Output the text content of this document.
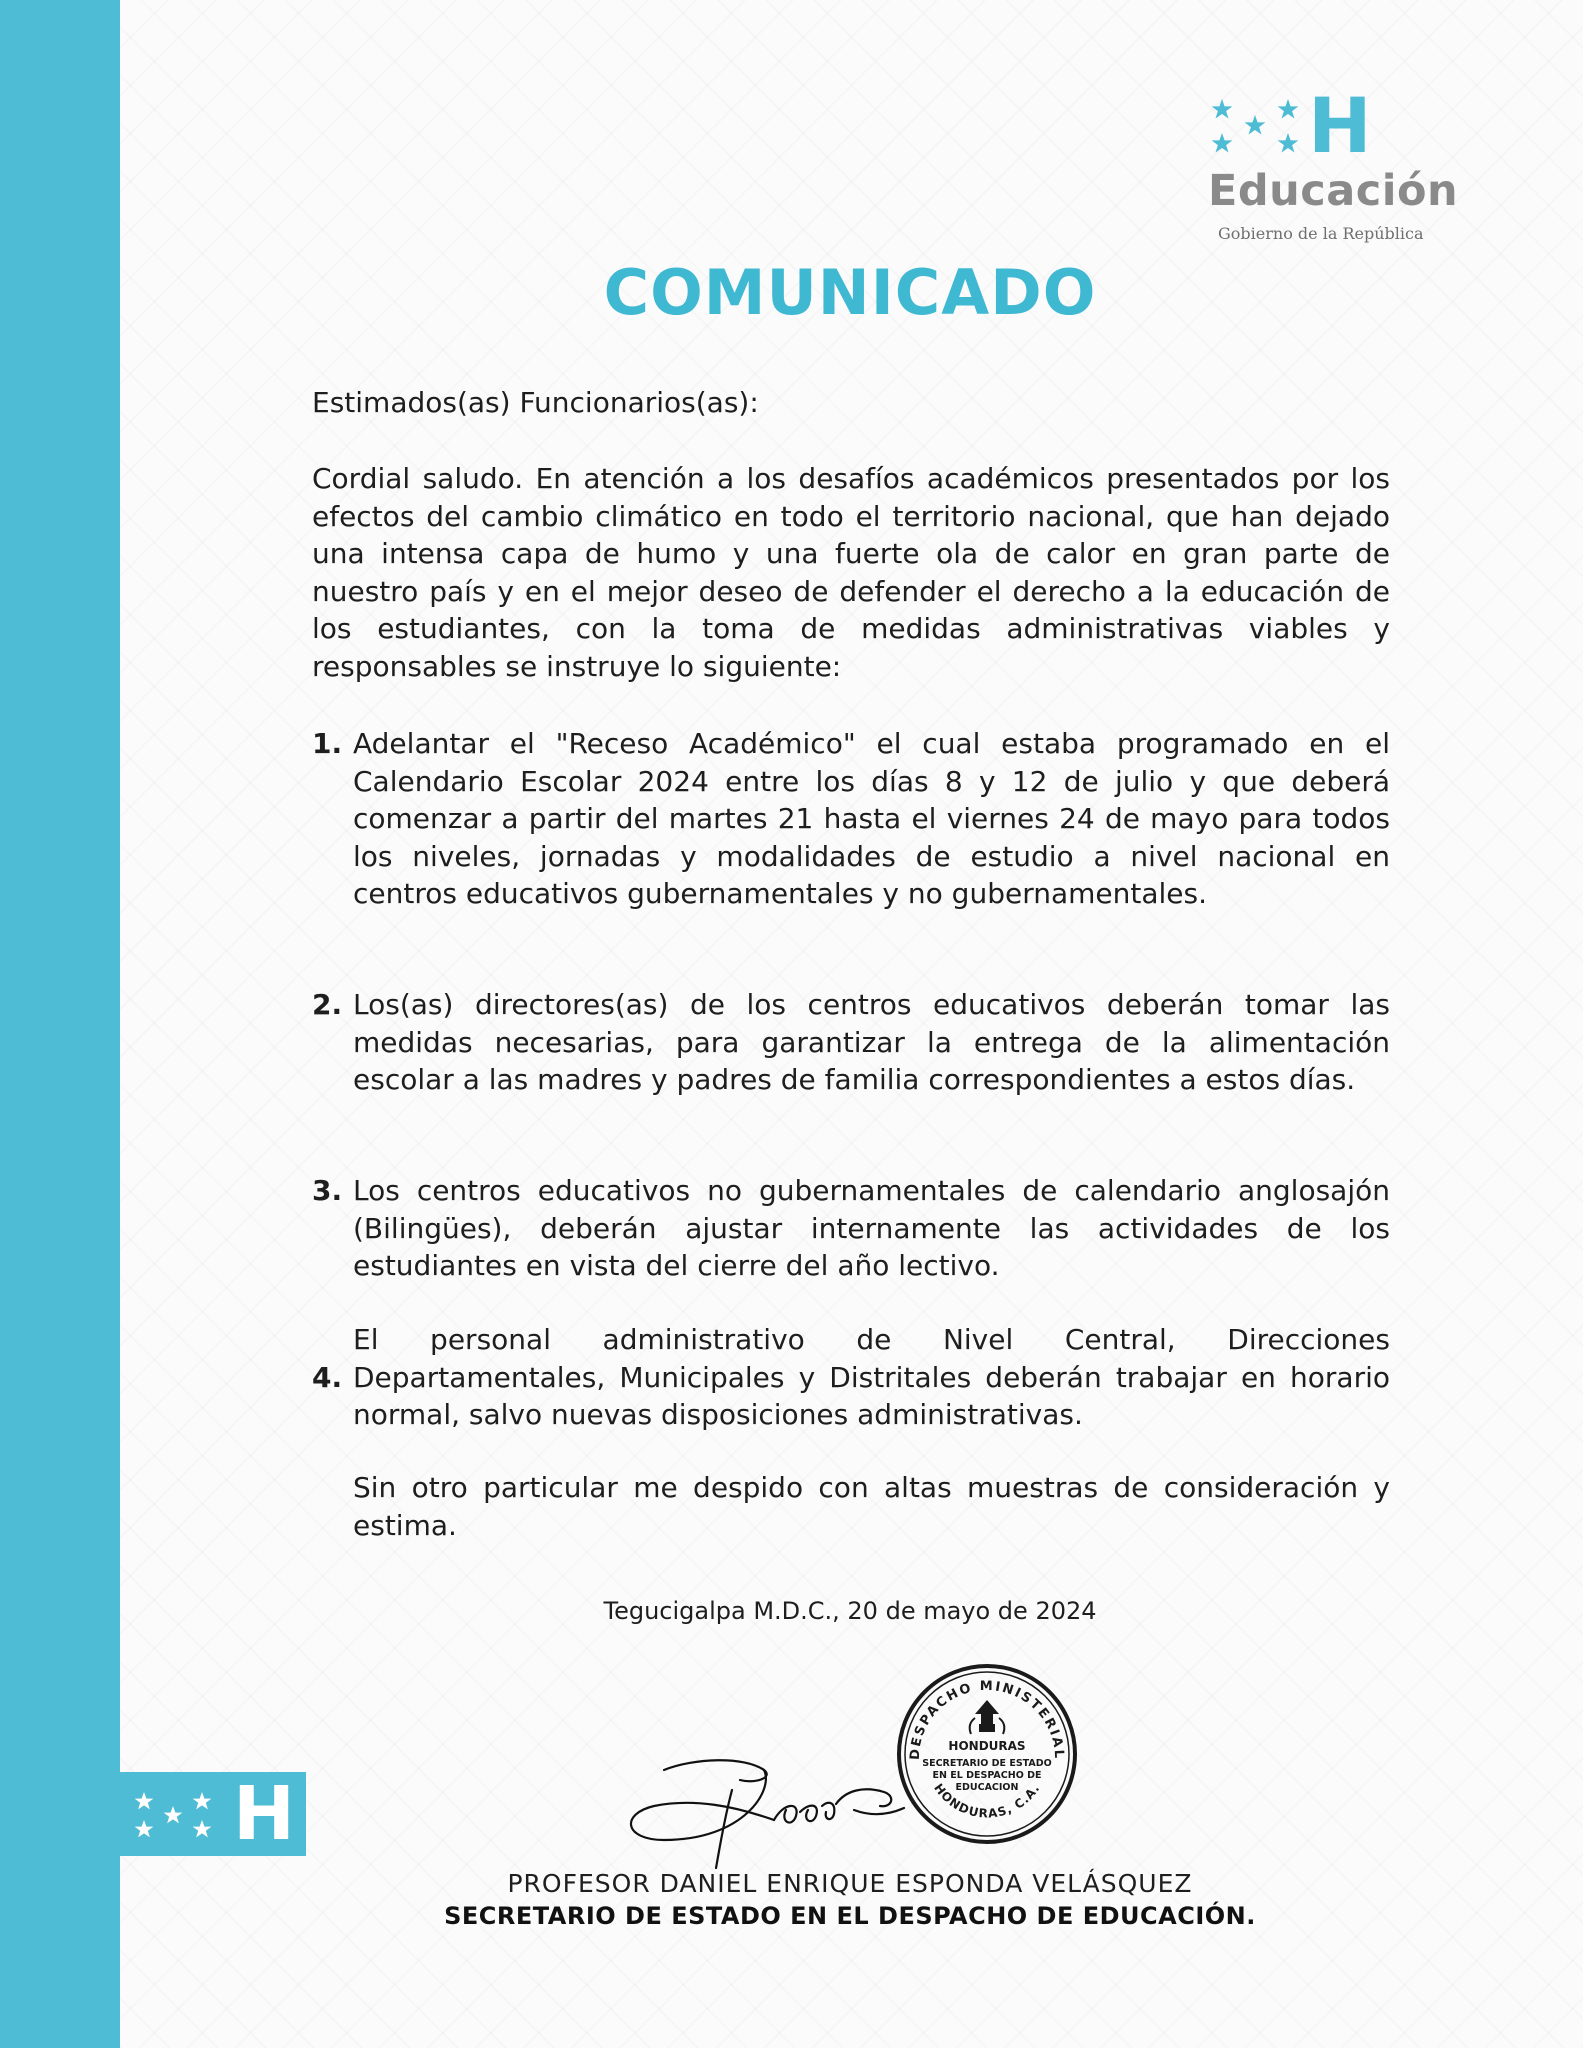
H
H
Educación
Gobierno de la República
COMUNICADO
Estimados(as) Funcionarios(as):
Cordial saludo. En atención a los desafíos académicos presentados por los efectos del cambio climático en todo el territorio nacional, que han dejado una intensa capa de humo y una fuerte ola de calor en gran parte de nuestro país y en el mejor deseo de defender el derecho a la educación de los estudiantes, con la toma de medidas administrativas viables y responsables se instruye lo siguiente:
1. Adelantar el "Receso Académico" el cual estaba programado en el Calendario Escolar 2024 entre los días 8 y 12 de julio y que deberá comenzar a partir del martes 21 hasta el viernes 24 de mayo para todos los niveles, jornadas y modalidades de estudio a nivel nacional en centros educativos gubernamentales y no gubernamentales.
2. Los(as) directores(as) de los centros educativos deberán tomar las medidas necesarias, para garantizar la entrega de la alimentación escolar a las madres y padres de familia correspondientes a estos días.
3. Los centros educativos no gubernamentales de calendario anglosajón (Bilingües), deberán ajustar internamente las actividades de los estudiantes en vista del cierre del año lectivo.
4.
El personal administrativo de Nivel Central, Direcciones Departamentales, Municipales y Distritales deberán trabajar en horario normal, salvo nuevas disposiciones administrativas.
Sin otro particular me despido con altas muestras de consideración y estima.
Tegucigalpa M.D.C., 20 de mayo de 2024
DESPACHO MINISTERIAL
HONDURAS, C.A.
HONDURAS
SECRETARIO DE ESTADO
EN EL DESPACHO DE
EDUCACION
PROFESOR DANIEL ENRIQUE ESPONDA VELÁSQUEZ
SECRETARIO DE ESTADO EN EL DESPACHO DE EDUCACIÓN.
